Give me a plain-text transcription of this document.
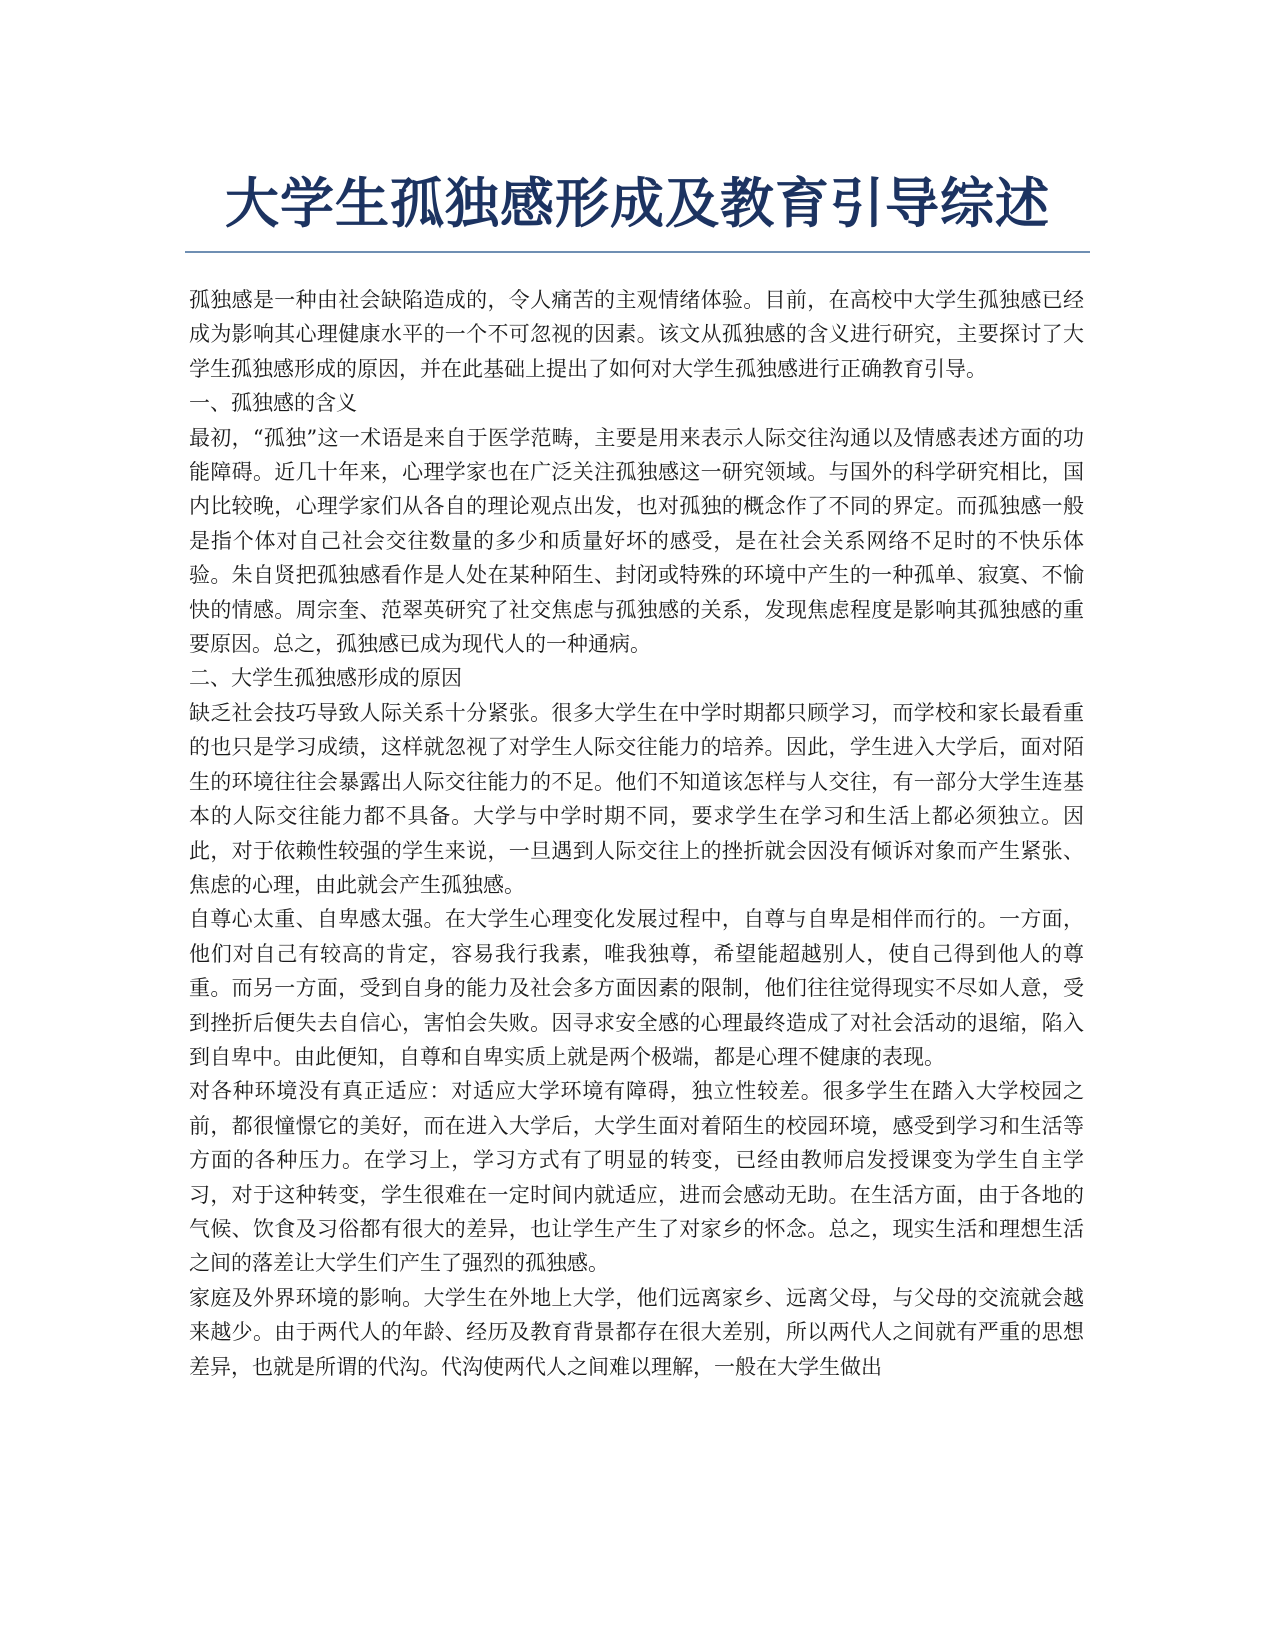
大学生孤独感形成及教育引导综述

孤独感是一种由社会缺陷造成的，令人痛苦的主观情绪体验。目前，在高校中大学生孤独感已经成为影响其心理健康水平的一个不可忽视的因素。该文从孤独感的含义进行研究，主要探讨了大学生孤独感形成的原因，并在此基础上提出了如何对大学生孤独感进行正确教育引导。

一、孤独感的含义

最初，“孤独”这一术语是来自于医学范畴，主要是用来表示人际交往沟通以及情感表述方面的功能障碍。近几十年来，心理学家也在广泛关注孤独感这一研究领域。与国外的科学研究相比，国内比较晚，心理学家们从各自的理论观点出发，也对孤独的概念作了不同的界定。而孤独感一般是指个体对自己社会交往数量的多少和质量好坏的感受，是在社会关系网络不足时的不快乐体验。朱自贤把孤独感看作是人处在某种陌生、封闭或特殊的环境中产生的一种孤单、寂寞、不愉快的情感。周宗奎、范翠英研究了社交焦虑与孤独感的关系，发现焦虑程度是影响其孤独感的重要原因。总之，孤独感已成为现代人的一种通病。

二、大学生孤独感形成的原因

缺乏社会技巧导致人际关系十分紧张。很多大学生在中学时期都只顾学习，而学校和家长最看重的也只是学习成绩，这样就忽视了对学生人际交往能力的培养。因此，学生进入大学后，面对陌生的环境往往会暴露出人际交往能力的不足。他们不知道该怎样与人交往，有一部分大学生连基本的人际交往能力都不具备。大学与中学时期不同，要求学生在学习和生活上都必须独立。因此，对于依赖性较强的学生来说，一旦遇到人际交往上的挫折就会因没有倾诉对象而产生紧张、焦虑的心理，由此就会产生孤独感。

自尊心太重、自卑感太强。在大学生心理变化发展过程中，自尊与自卑是相伴而行的。一方面，他们对自己有较高的肯定，容易我行我素，唯我独尊，希望能超越别人，使自己得到他人的尊重。而另一方面，受到自身的能力及社会多方面因素的限制，他们往往觉得现实不尽如人意，受到挫折后便失去自信心，害怕会失败。因寻求安全感的心理最终造成了对社会活动的退缩，陷入到自卑中。由此便知，自尊和自卑实质上就是两个极端，都是心理不健康的表现。

对各种环境没有真正适应：对适应大学环境有障碍，独立性较差。很多学生在踏入大学校园之前，都很憧憬它的美好，而在进入大学后，大学生面对着陌生的校园环境，感受到学习和生活等方面的各种压力。在学习上，学习方式有了明显的转变，已经由教师启发授课变为学生自主学习，对于这种转变，学生很难在一定时间内就适应，进而会感动无助。在生活方面，由于各地的气候、饮食及习俗都有很大的差异，也让学生产生了对家乡的怀念。总之，现实生活和理想生活之间的落差让大学生们产生了强烈的孤独感。

家庭及外界环境的影响。大学生在外地上大学，他们远离家乡、远离父母，与父母的交流就会越来越少。由于两代人的年龄、经历及教育背景都存在很大差别，所以两代人之间就有严重的思想差异，也就是所谓的代沟。代沟使两代人之间难以理解，一般在大学生做出
